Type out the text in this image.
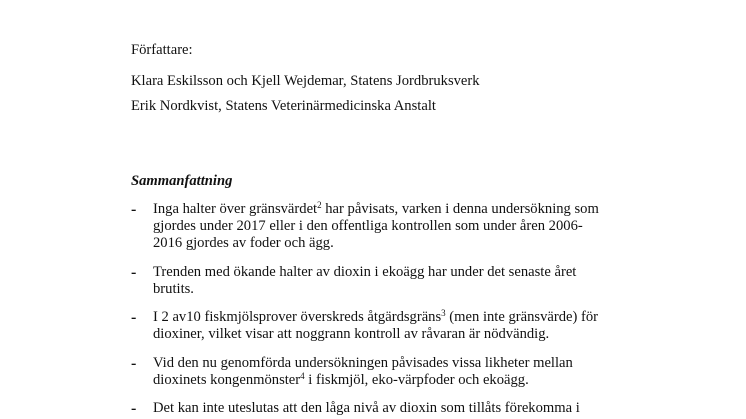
Författare:
Klara Eskilsson och Kjell Wejdemar, Statens Jordbruksverk
Erik Nordkvist, Statens Veterinärmedicinska Anstalt
Sammanfattning
- Inga halter över gränsvärdet$^2$ har påvisats, varken i denna undersökning som
gjordes under 2017 eller i den offentliga kontrollen som under åren 2006-
2016 gjordes av foder och ägg.
- Trenden med ökande halter av dioxin i ekoägg har under det senaste året
brutits.
- I 2 av10 fiskmjölsprover överskreds åtgärdsgräns$^3$ (men inte gränsvärde) för
dioxiner, vilket visar att noggrann kontroll av råvaran är nödvändig.
- Vid den nu genomförda undersökningen påvisades vissa likheter mellan
dioxinets kongenmönster$^4$ i fiskmjöl, eko-värpfoder och ekoägg.
- Det kan inte uteslutas att den låga nivå av dioxin som tillåts förekomma i
